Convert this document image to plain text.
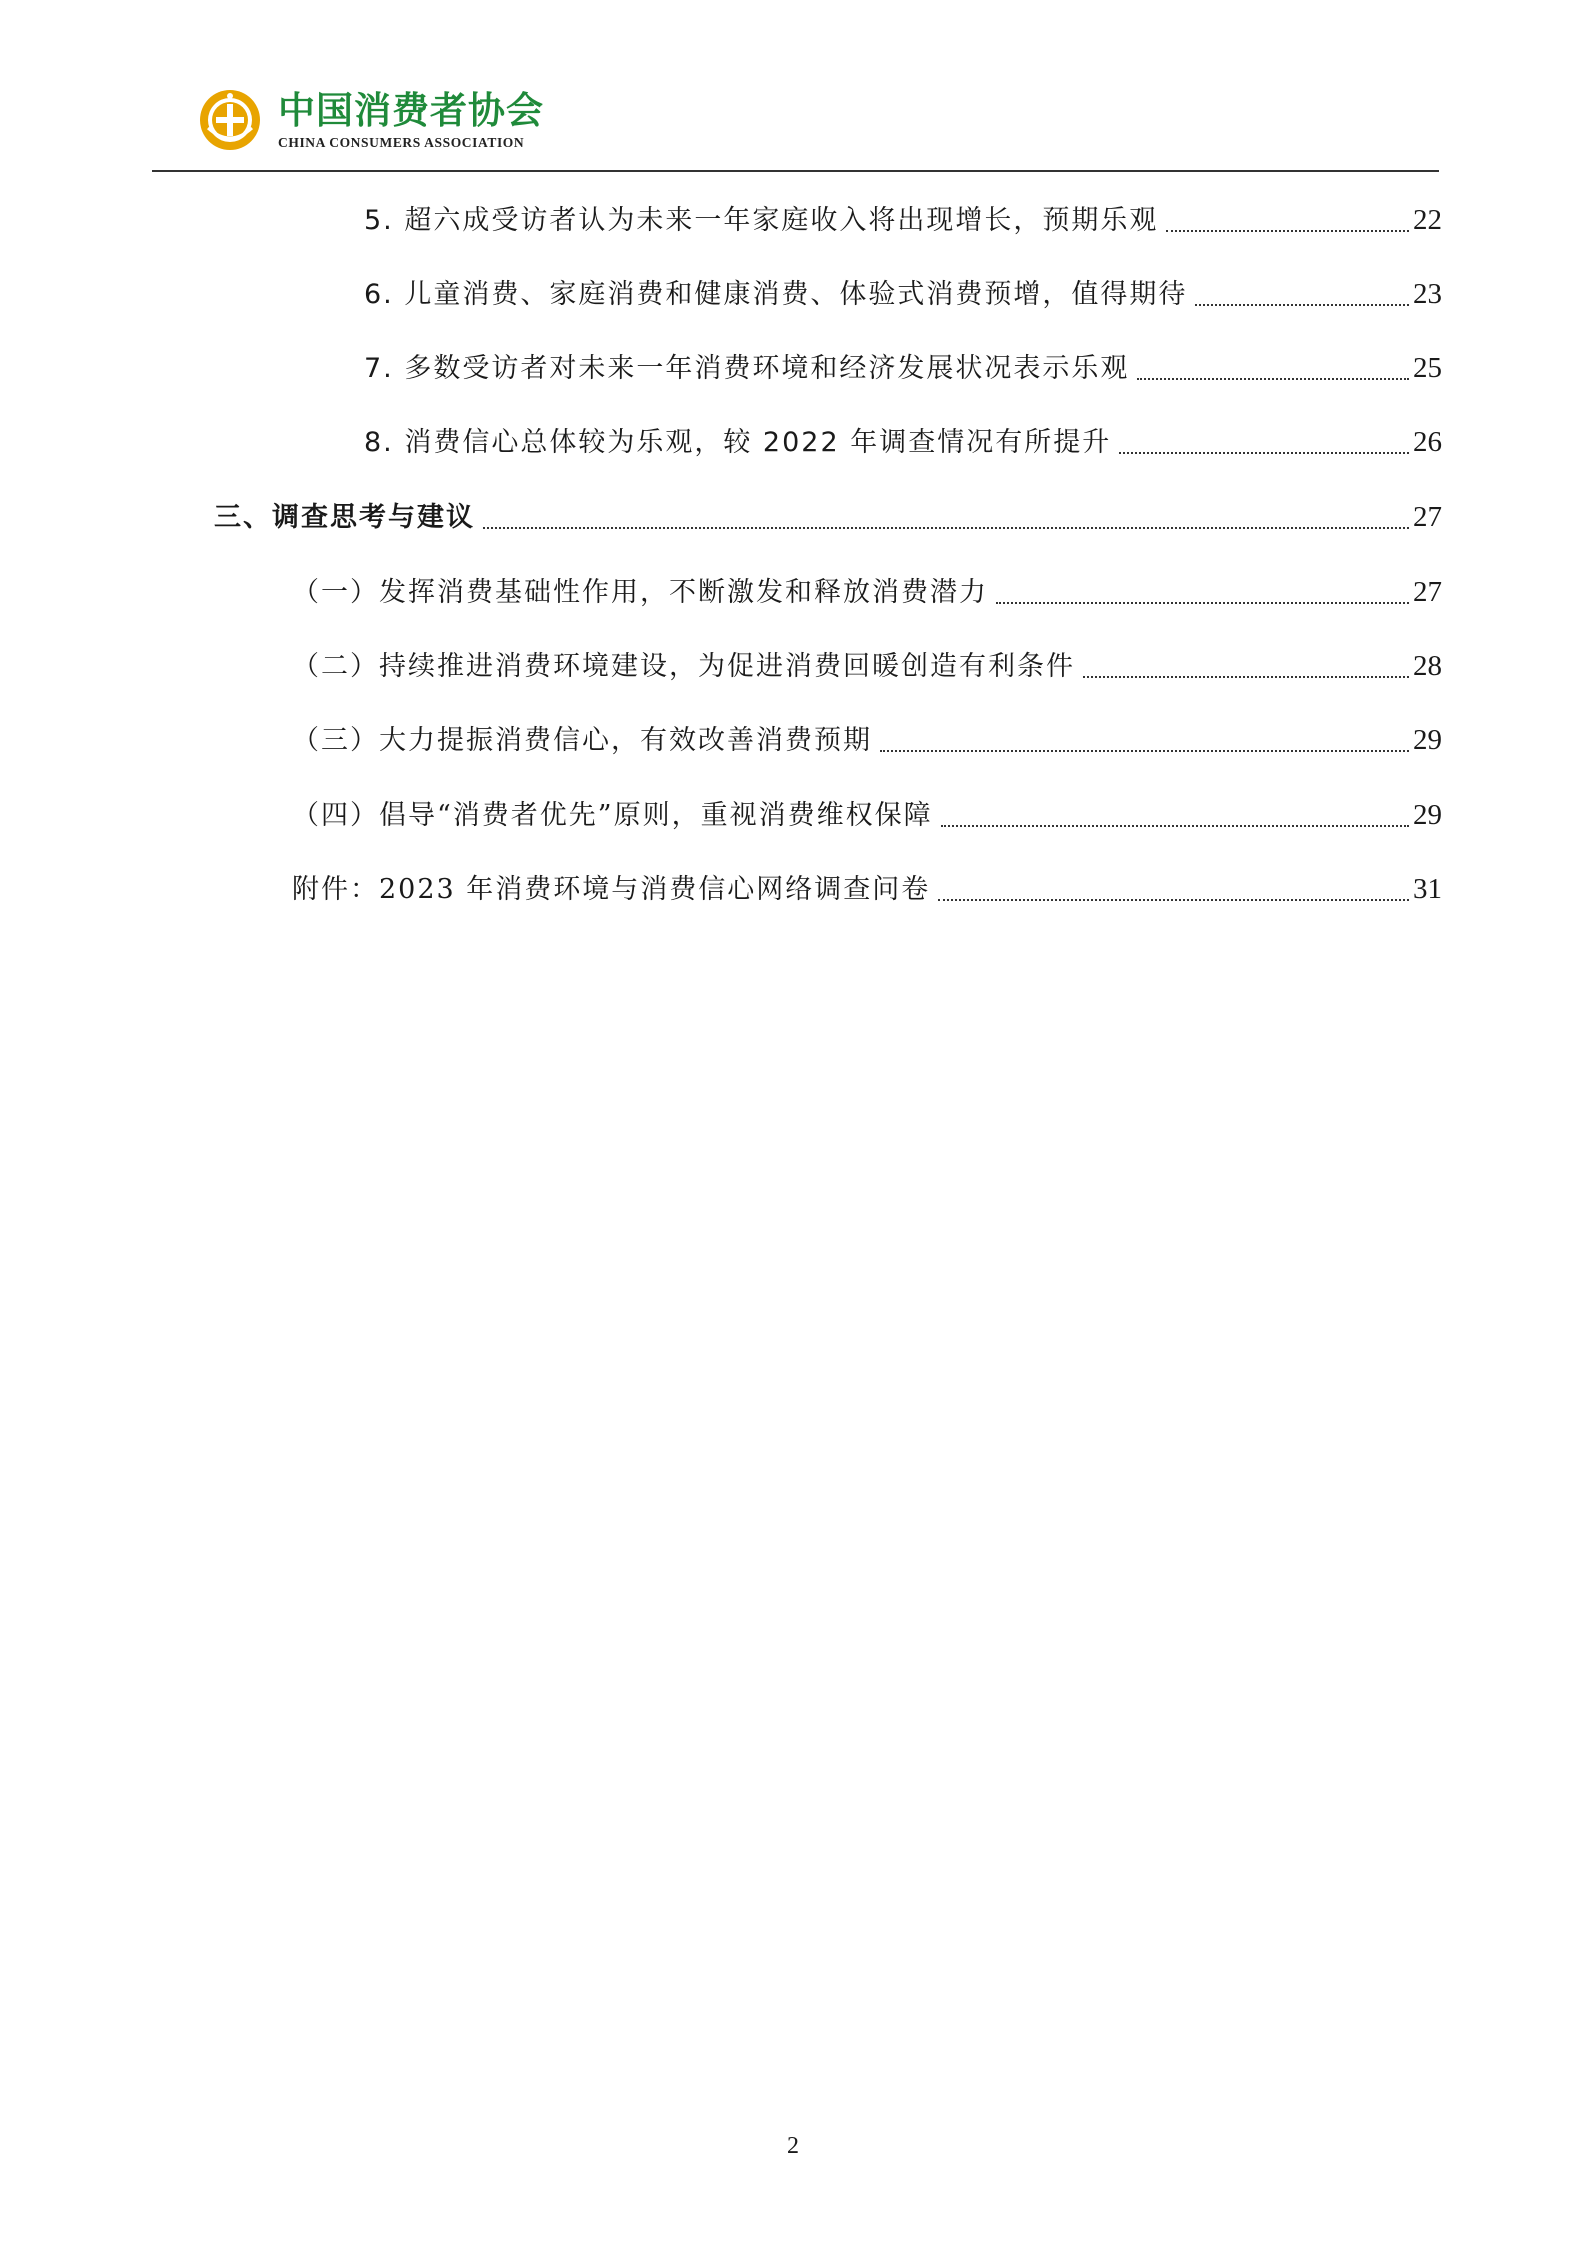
中国消费者协会
CHINA CONSUMERS ASSOCIATION
5. 超六成受访者认为未来一年家庭收入将出现增长，预期乐观	22
6. 儿童消费、家庭消费和健康消费、体验式消费预增，值得期待	23
7. 多数受访者对未来一年消费环境和经济发展状况表示乐观	25
8. 消费信心总体较为乐观，较 2022 年调查情况有所提升	26
三、调查思考与建议	27
（一）发挥消费基础性作用，不断激发和释放消费潜力	27
（二）持续推进消费环境建设，为促进消费回暖创造有利条件	28
（三）大力提振消费信心，有效改善消费预期	29
（四）倡导“消费者优先”原则，重视消费维权保障	29
附件：2023 年消费环境与消费信心网络调查问卷	31
2
